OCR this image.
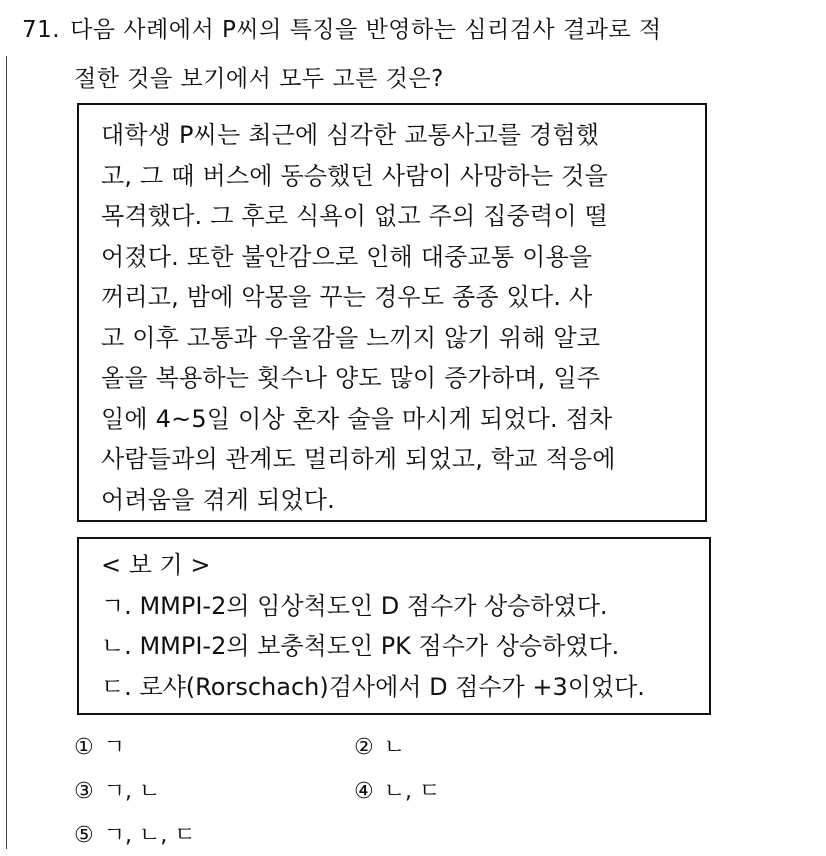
71. 다음 사례에서 P씨의 특징을 반영하는 심리검사 결과로 적
절한 것을 보기에서 모두 고른 것은?
대학생 P씨는 최근에 심각한 교통사고를 경험했
고, 그 때 버스에 동승했던 사람이 사망하는 것을
목격했다. 그 후로 식욕이 없고 주의 집중력이 떨
어졌다. 또한 불안감으로 인해 대중교통 이용을
꺼리고, 밤에 악몽을 꾸는 경우도 종종 있다. 사
고 이후 고통과 우울감을 느끼지 않기 위해 알코
올을 복용하는 횟수나 양도 많이 증가하며, 일주
일에 4~5일 이상 혼자 술을 마시게 되었다. 점차
사람들과의 관계도 멀리하게 되었고, 학교 적응에
어려움을 겪게 되었다.
< 보 기 >
ㄱ. MMPI-2의 임상척도인 D 점수가 상승하였다.
ㄴ. MMPI-2의 보충척도인 PK 점수가 상승하였다.
ㄷ. 로샤(Rorschach)검사에서 D 점수가 +3이었다.
① ㄱ	② ㄴ
③ ㄱ, ㄴ	④ ㄴ, ㄷ
⑤ ㄱ, ㄴ, ㄷ
